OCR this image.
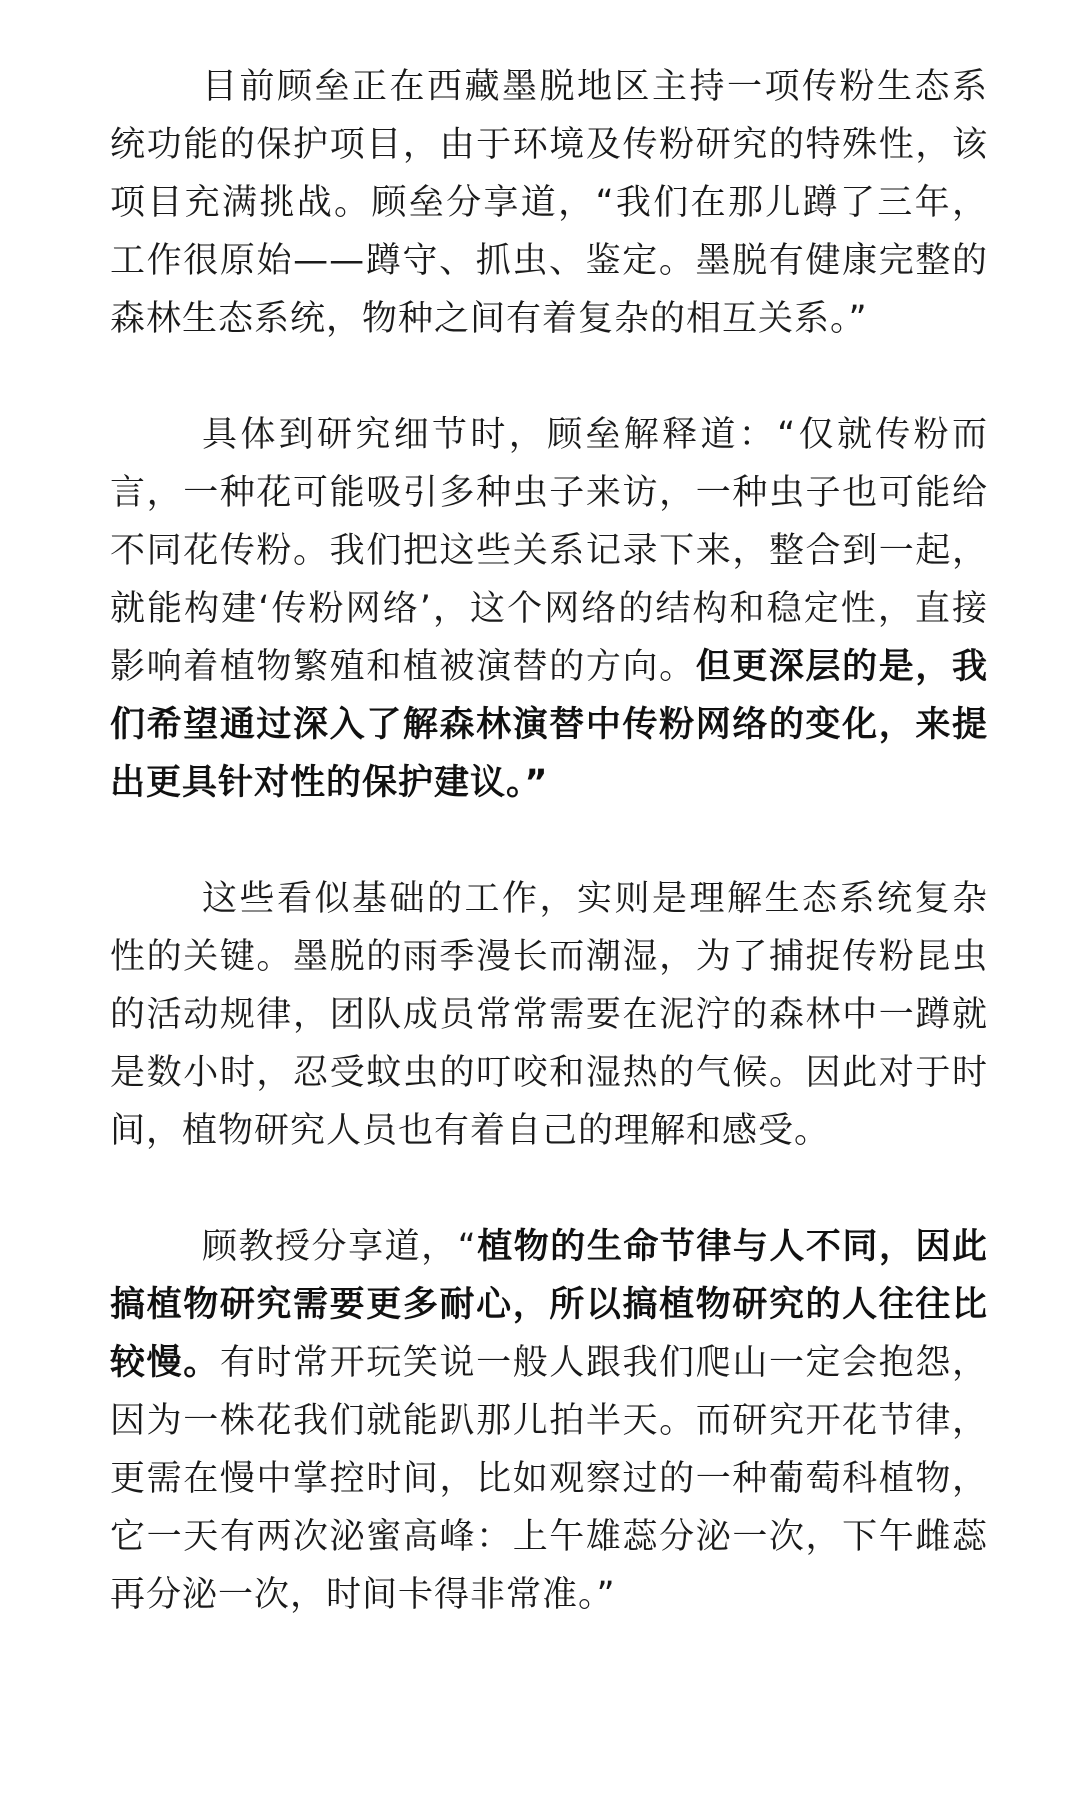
目前顾垒正在西藏墨脱地区主持一项传粉生态系统功能的保护项目，由于环境及传粉研究的特殊性，该项目充满挑战。顾垒分享道，“我们在那儿蹲了三年，工作很原始——蹲守、抓虫、鉴定。墨脱有健康完整的森林生态系统，物种之间有着复杂的相互关系。”

具体到研究细节时，顾垒解释道：“仅就传粉而言，一种花可能吸引多种虫子来访，一种虫子也可能给不同花传粉。我们把这些关系记录下来，整合到一起，就能构建‘传粉网络’，这个网络的结构和稳定性，直接影响着植物繁殖和植被演替的方向。但更深层的是，我们希望通过深入了解森林演替中传粉网络的变化，来提出更具针对性的保护建议。”

这些看似基础的工作，实则是理解生态系统复杂性的关键。墨脱的雨季漫长而潮湿，为了捕捉传粉昆虫的活动规律，团队成员常常需要在泥泞的森林中一蹲就是数小时，忍受蚊虫的叮咬和湿热的气候。因此对于时间，植物研究人员也有着自己的理解和感受。

顾教授分享道，“植物的生命节律与人不同，因此搞植物研究需要更多耐心，所以搞植物研究的人往往比较慢。有时常开玩笑说一般人跟我们爬山一定会抱怨，因为一株花我们就能趴那儿拍半天。而研究开花节律，更需在慢中掌控时间，比如观察过的一种葡萄科植物，它一天有两次泌蜜高峰：上午雄蕊分泌一次，下午雌蕊再分泌一次，时间卡得非常准。”
